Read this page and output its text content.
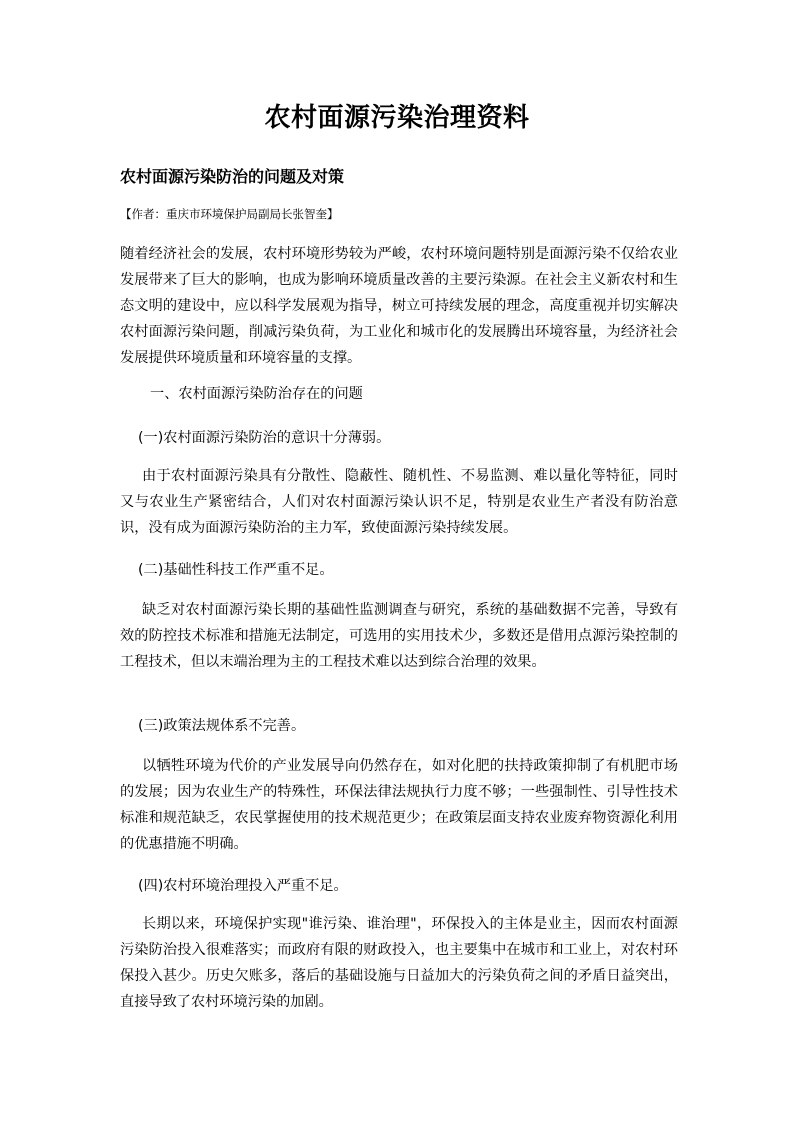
农村面源污染治理资料
农村面源污染防治的问题及对策

【作者：重庆市环境保护局副局长张智奎】

随着经济社会的发展，农村环境形势较为严峻，农村环境问题特别是面源污染不仅给农业发展带来了巨大的影响，也成为影响环境质量改善的主要污染源。在社会主义新农村和生态文明的建设中，应以科学发展观为指导，树立可持续发展的理念，高度重视并切实解决农村面源污染问题，削减污染负荷，为工业化和城市化的发展腾出环境容量，为经济社会发展提供环境质量和环境容量的支撑。

一、农村面源污染防治存在的问题

(一)农村面源污染防治的意识十分薄弱。

由于农村面源污染具有分散性、隐蔽性、随机性、不易监测、难以量化等特征，同时又与农业生产紧密结合，人们对农村面源污染认识不足，特别是农业生产者没有防治意识，没有成为面源污染防治的主力军，致使面源污染持续发展。

(二)基础性科技工作严重不足。

缺乏对农村面源污染长期的基础性监测调查与研究，系统的基础数据不完善，导致有效的防控技术标准和措施无法制定，可选用的实用技术少，多数还是借用点源污染控制的工程技术，但以末端治理为主的工程技术难以达到综合治理的效果。

(三)政策法规体系不完善。

以牺牲环境为代价的产业发展导向仍然存在，如对化肥的扶持政策抑制了有机肥市场的发展；因为农业生产的特殊性，环保法律法规执行力度不够；一些强制性、引导性技术标准和规范缺乏，农民掌握使用的技术规范更少；在政策层面支持农业废弃物资源化利用的优惠措施不明确。

(四)农村环境治理投入严重不足。

长期以来，环境保护实现"谁污染、谁治理"，环保投入的主体是业主，因而农村面源污染防治投入很难落实；而政府有限的财政投入，也主要集中在城市和工业上，对农村环保投入甚少。历史欠账多，落后的基础设施与日益加大的污染负荷之间的矛盾日益突出，直接导致了农村环境污染的加剧。
